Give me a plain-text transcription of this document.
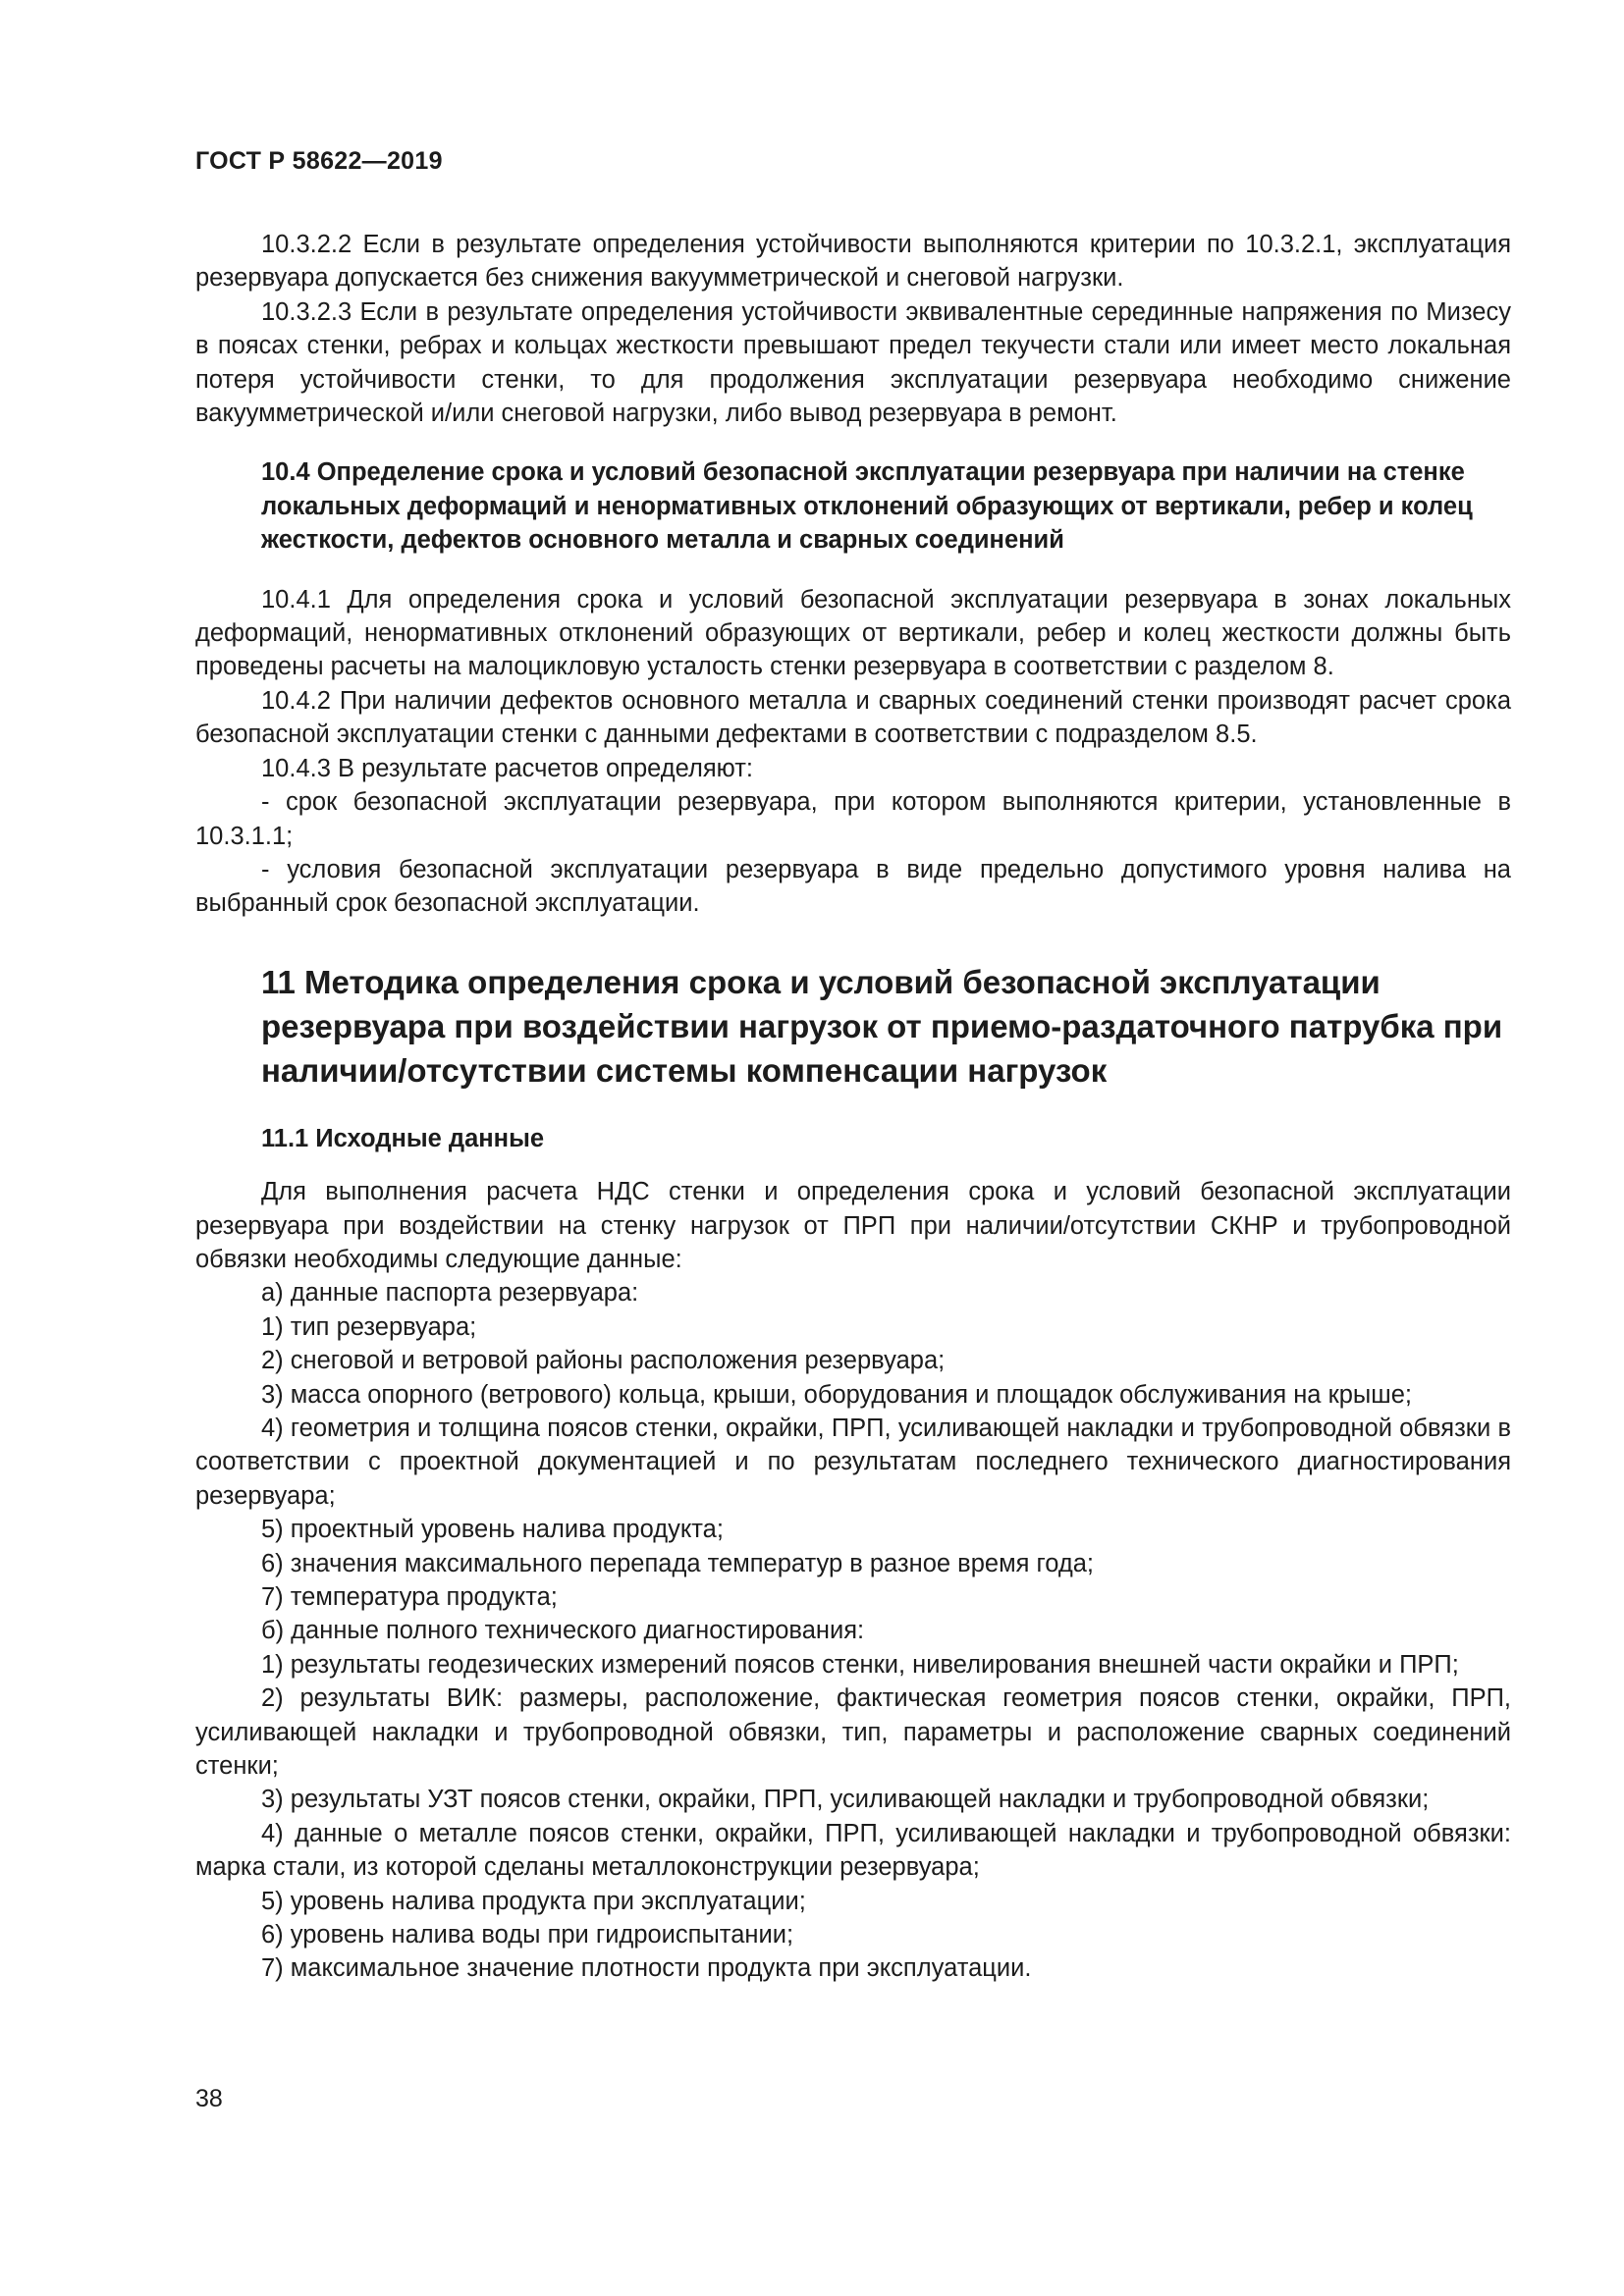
ГОСТ Р 58622—2019

10.3.2.2 Если в результате определения устойчивости выполняются критерии по 10.3.2.1, эксплуатация резервуара допускается без снижения вакуумметрической и снеговой нагрузки.

10.3.2.3 Если в результате определения устойчивости эквивалентные серединные напряжения по Мизесу в поясах стенки, ребрах и кольцах жесткости превышают предел текучести стали или имеет место локальная потеря устойчивости стенки, то для продолжения эксплуатации резервуара необходимо снижение вакуумметрической и/или снеговой нагрузки, либо вывод резервуара в ремонт.

10.4 Определение срока и условий безопасной эксплуатации резервуара при наличии на стенке локальных деформаций и ненормативных отклонений образующих от вертикали, ребер и колец жесткости, дефектов основного металла и сварных соединений

10.4.1 Для определения срока и условий безопасной эксплуатации резервуара в зонах локальных деформаций, ненормативных отклонений образующих от вертикали, ребер и колец жесткости должны быть проведены расчеты на малоцикловую усталость стенки резервуара в соответствии с разделом 8.

10.4.2 При наличии дефектов основного металла и сварных соединений стенки производят расчет срока безопасной эксплуатации стенки с данными дефектами в соответствии с подразделом 8.5.

10.4.3 В результате расчетов определяют:

- срок безопасной эксплуатации резервуара, при котором выполняются критерии, установленные в 10.3.1.1;

- условия безопасной эксплуатации резервуара в виде предельно допустимого уровня налива на выбранный срок безопасной эксплуатации.

11 Методика определения срока и условий безопасной эксплуатации резервуара при воздействии нагрузок от приемо-раздаточного патрубка при наличии/отсутствии системы компенсации нагрузок

11.1 Исходные данные

Для выполнения расчета НДС стенки и определения срока и условий безопасной эксплуатации резервуара при воздействии на стенку нагрузок от ПРП при наличии/отсутствии СКНР и трубопроводной обвязки необходимы следующие данные:

а) данные паспорта резервуара:

1) тип резервуара;

2) снеговой и ветровой районы расположения резервуара;

3) масса опорного (ветрового) кольца, крыши, оборудования и площадок обслуживания на крыше;

4) геометрия и толщина поясов стенки, окрайки, ПРП, усиливающей накладки и трубопроводной обвязки в соответствии с проектной документацией и по результатам последнего технического диагностирования резервуара;

5) проектный уровень налива продукта;

6) значения максимального перепада температур в разное время года;

7) температура продукта;

б) данные полного технического диагностирования:

1) результаты геодезических измерений поясов стенки, нивелирования внешней части окрайки и ПРП;

2) результаты ВИК: размеры, расположение, фактическая геометрия поясов стенки, окрайки, ПРП, усиливающей накладки и трубопроводной обвязки, тип, параметры и расположение сварных соединений стенки;

3) результаты УЗТ поясов стенки, окрайки, ПРП, усиливающей накладки и трубопроводной обвязки;

4) данные о металле поясов стенки, окрайки, ПРП, усиливающей накладки и трубопроводной обвязки: марка стали, из которой сделаны металлоконструкции резервуара;

5) уровень налива продукта при эксплуатации;

6) уровень налива воды при гидроиспытании;

7) максимальное значение плотности продукта при эксплуатации.

38
